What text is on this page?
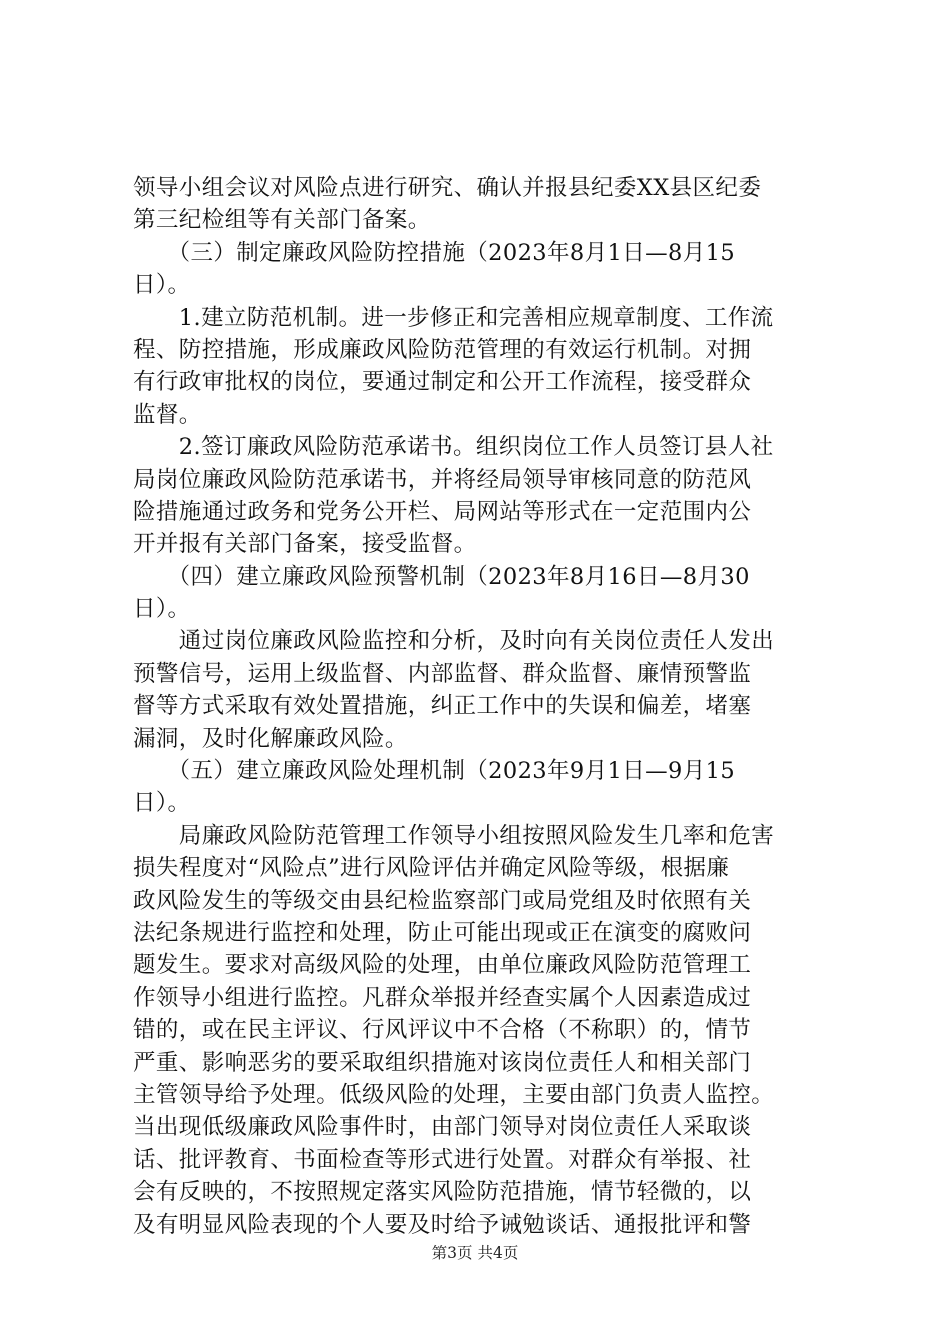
领导小组会议对风险点进行研究、确认并报县纪委XX县区纪委
第三纪检组等有关部门备案。
　　（三）制定廉政风险防控措施（2023年8月1日—8月15
日）。
　　1.建立防范机制。进一步修正和完善相应规章制度、工作流
程、防控措施，形成廉政风险防范管理的有效运行机制。对拥
有行政审批权的岗位，要通过制定和公开工作流程，接受群众
监督。
　　2.签订廉政风险防范承诺书。组织岗位工作人员签订县人社
局岗位廉政风险防范承诺书，并将经局领导审核同意的防范风
险措施通过政务和党务公开栏、局网站等形式在一定范围内公
开并报有关部门备案，接受监督。
　　（四）建立廉政风险预警机制（2023年8月16日—8月30
日）。
　　通过岗位廉政风险监控和分析，及时向有关岗位责任人发出
预警信号，运用上级监督、内部监督、群众监督、廉情预警监
督等方式采取有效处置措施，纠正工作中的失误和偏差，堵塞
漏洞，及时化解廉政风险。
　　（五）建立廉政风险处理机制（2023年9月1日—9月15
日）。
　　局廉政风险防范管理工作领导小组按照风险发生几率和危害
损失程度对“风险点”进行风险评估并确定风险等级，根据廉
政风险发生的等级交由县纪检监察部门或局党组及时依照有关
法纪条规进行监控和处理，防止可能出现或正在演变的腐败问
题发生。要求对高级风险的处理，由单位廉政风险防范管理工
作领导小组进行监控。凡群众举报并经查实属个人因素造成过
错的，或在民主评议、行风评议中不合格（不称职）的，情节
严重、影响恶劣的要采取组织措施对该岗位责任人和相关部门
主管领导给予处理。低级风险的处理，主要由部门负责人监控。
当出现低级廉政风险事件时，由部门领导对岗位责任人采取谈
话、批评教育、书面检查等形式进行处置。对群众有举报、社
会有反映的，不按照规定落实风险防范措施，情节轻微的，以
及有明显风险表现的个人要及时给予诫勉谈话、通报批评和警
第3页 共4页
